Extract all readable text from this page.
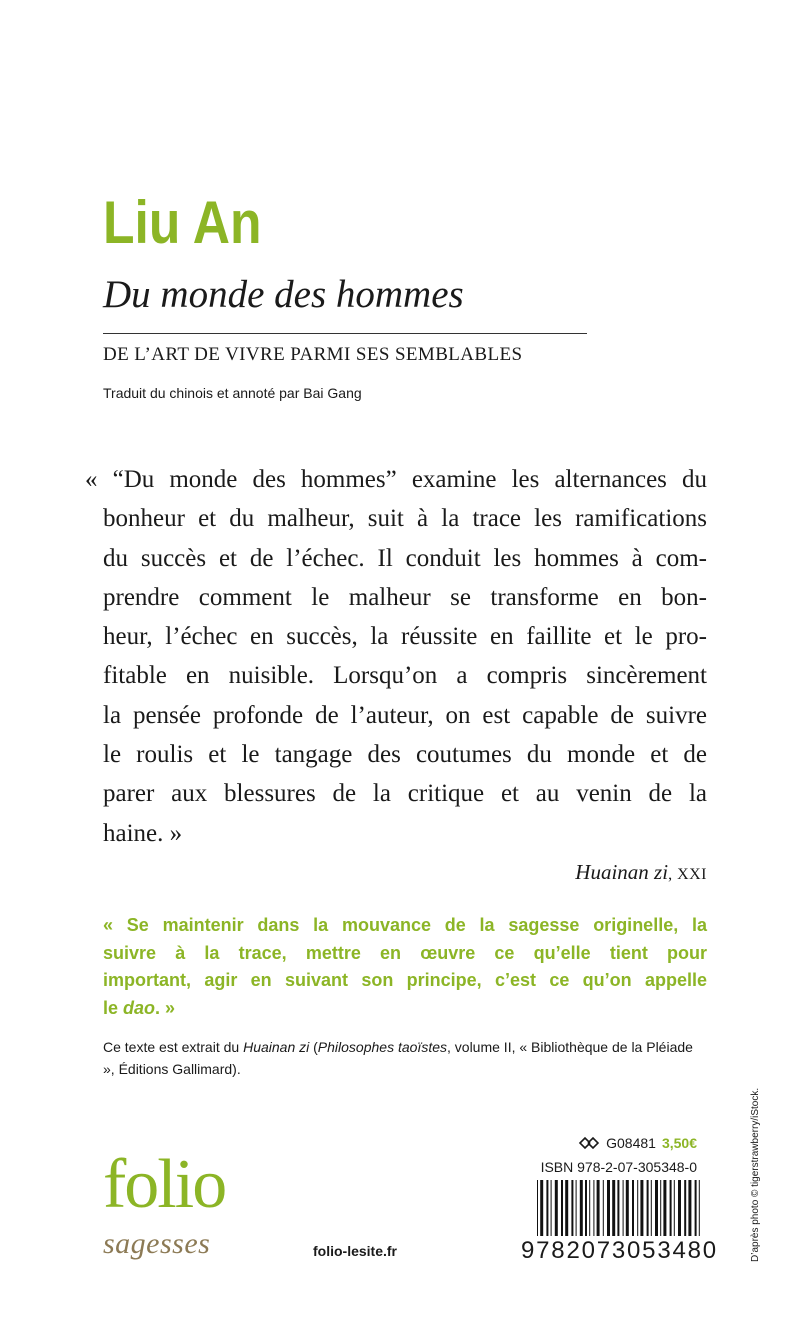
Liu An
Du monde des hommes
DE L’ART DE VIVRE PARMI SES SEMBLABLES
Traduit du chinois et annoté par Bai Gang
« “Du monde des hommes” examine les alternances du
bonheur et du malheur, suit à la trace les ramifications
du succès et de l’échec. Il conduit les hommes à com-
prendre comment le malheur se transforme en bon-
heur, l’échec en succès, la réussite en faillite et le pro-
fitable en nuisible. Lorsqu’on a compris sincèrement
la pensée profonde de l’auteur, on est capable de suivre
le roulis et le tangage des coutumes du monde et de
parer aux blessures de la critique et au venin de la
haine. »
Huainan zi, XXI
« Se maintenir dans la mouvance de la sagesse originelle, la
suivre à la trace, mettre en œuvre ce qu’elle tient pour
important, agir en suivant son principe, c’est ce qu’on appelle
le dao. »
Ce texte est extrait du Huainan zi (Philosophes taoïstes, volume II, « Bibliothèque de la Pléiade », Éditions Gallimard).
G08481 3,50€
ISBN 978-2-07-305348-0
9782073053480
folio
sagesses	folio-lesite.fr	D’après photo © tigerstrawberry/iStock.
